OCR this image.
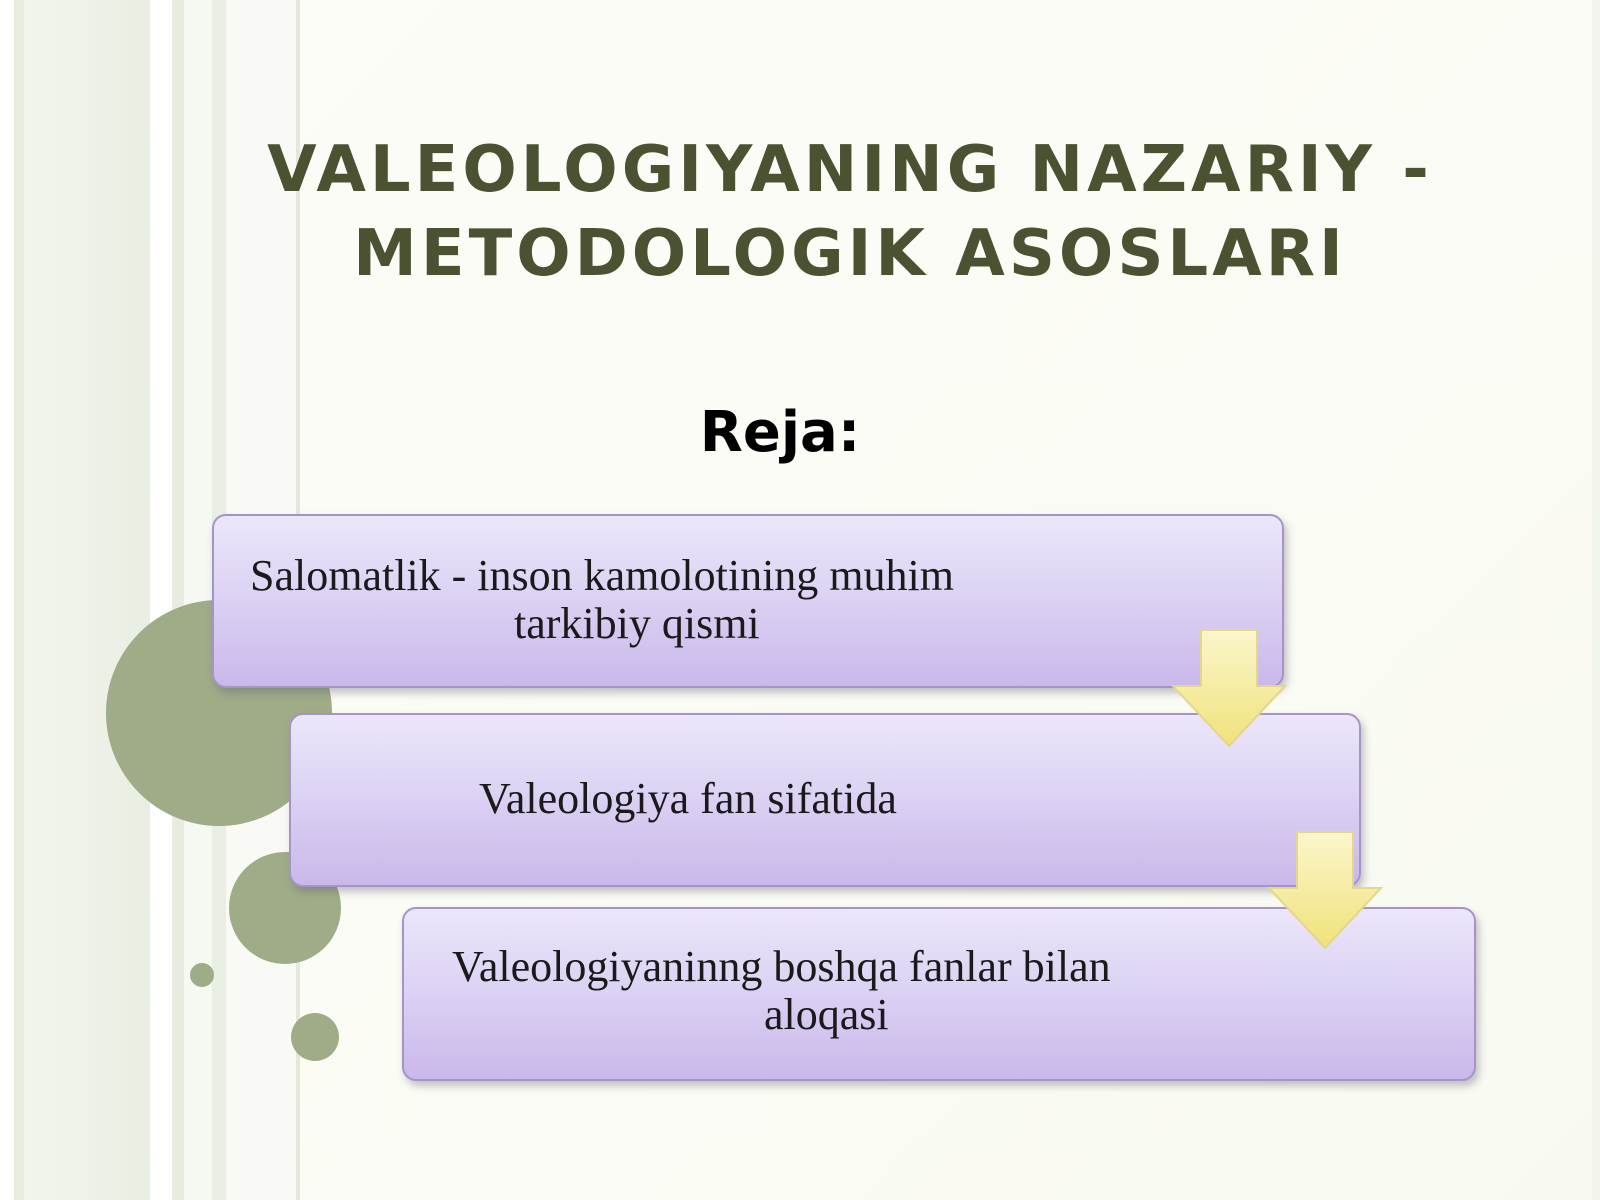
VALEOLOGIYANING NAZARIY -
METODOLOGIK ASOSLARI
Reja:
Salomatlik - inson kamolotining muhim
tarkibiy qismi
Valeologiya fan sifatida
Valeologiyaninng boshqa fanlar bilan
aloqasi
